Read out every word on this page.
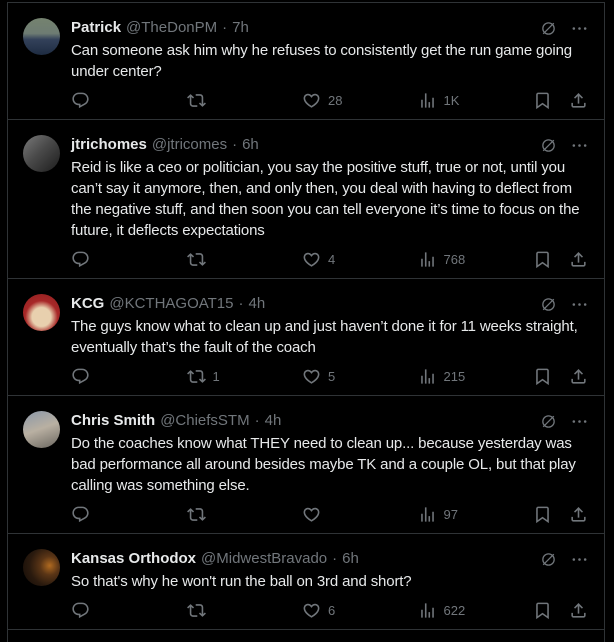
Patrick @TheDonPM · 7h
Can someone ask him why he refuses to consistently get the run game going under center?
28	1K
jtrichomes @jtricomes · 6h
Reid is like a ceo or politician, you say the positive stuff, true or not, until you can’t say it anymore, then, and only then, you deal with having to deflect from the negative stuff, and then soon you can tell everyone it’s time to focus on the future, it deflects expectations
4	768
KCG @KCTHAGOAT15 · 4h
The guys know what to clean up and just haven’t done it for 11 weeks straight, eventually that’s the fault of the coach
1	5	215
Chris Smith @ChiefsSTM · 4h
Do the coaches know what THEY need to clean up... because yesterday was bad performance all around besides maybe TK and a couple OL, but that play calling was something else.
97
Kansas Orthodox @MidwestBravado · 6h
So that's why he won't run the ball on 3rd and short?
6	622
